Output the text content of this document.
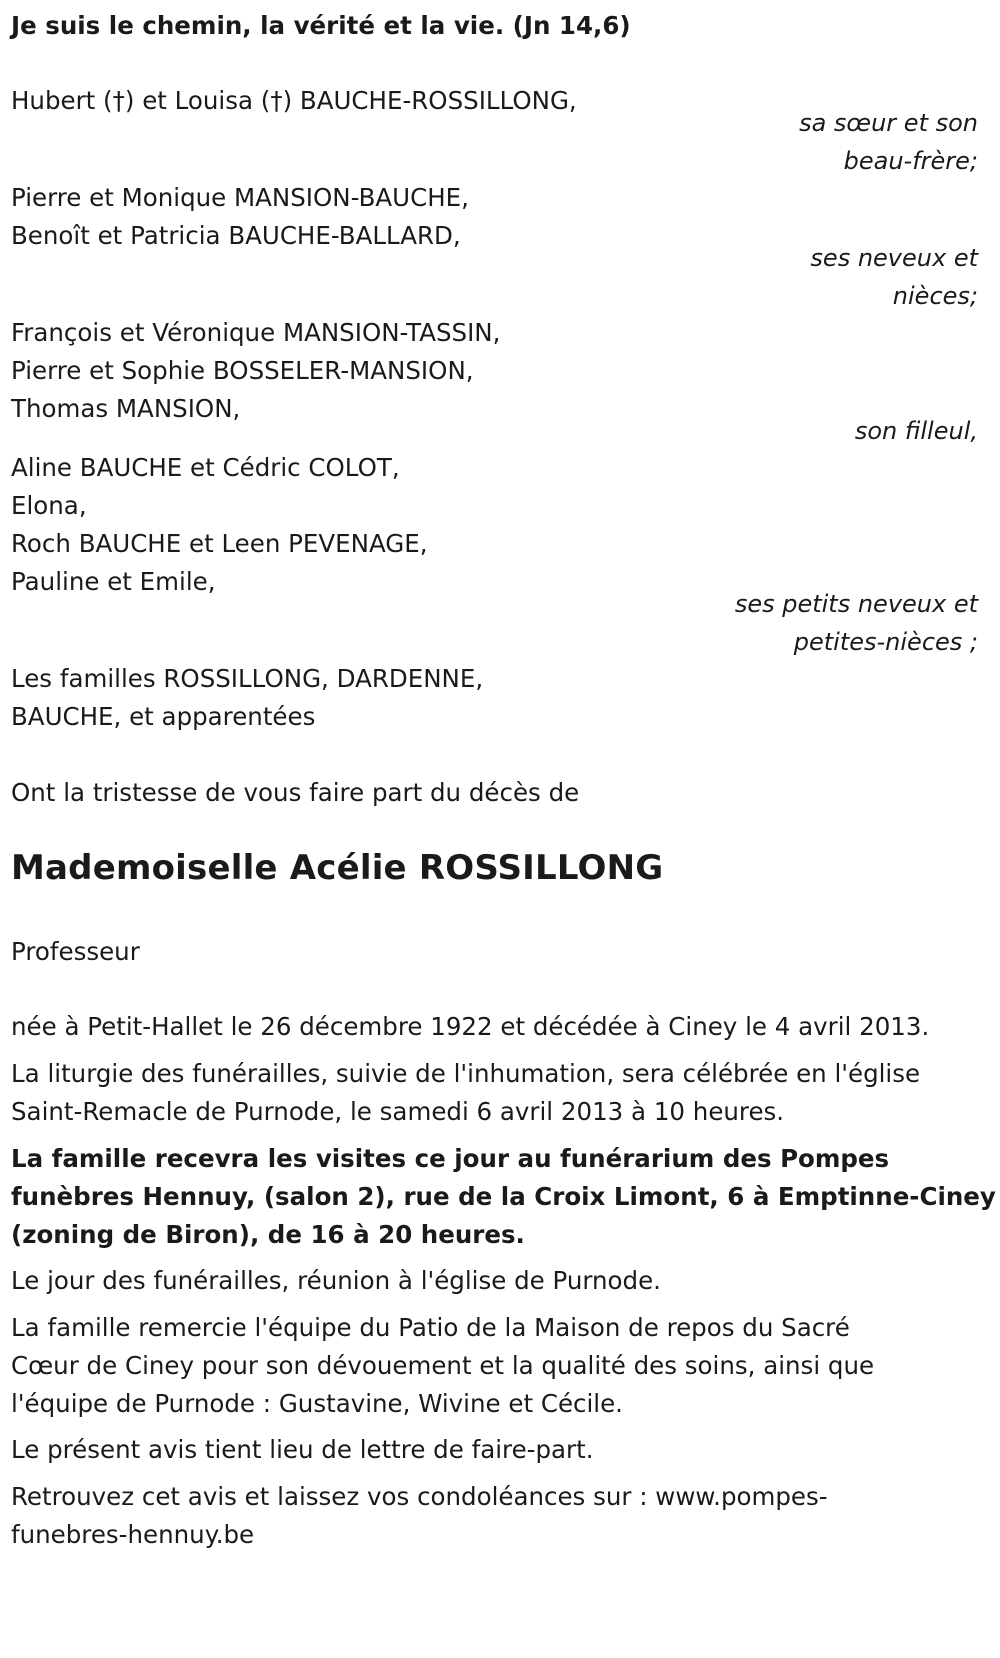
Je suis le chemin, la vérité et la vie. (Jn 14,6)
Hubert (†) et Louisa (†) BAUCHE-ROSSILLONG,
sa sœur et son
beau-frère;
Pierre et Monique MANSION-BAUCHE,
Benoît et Patricia BAUCHE-BALLARD,
ses neveux et
nièces;
François et Véronique MANSION-TASSIN,
Pierre et Sophie BOSSELER-MANSION,
Thomas MANSION,
son filleul,
Aline BAUCHE et Cédric COLOT,
Elona,
Roch BAUCHE et Leen PEVENAGE,
Pauline et Emile,
ses petits neveux et
petites-nièces ;
Les familles ROSSILLONG, DARDENNE,
BAUCHE, et apparentées
Ont la tristesse de vous faire part du décès de
Mademoiselle Acélie ROSSILLONG
Professeur
née à Petit-Hallet le 26 décembre 1922 et décédée à Ciney le 4 avril 2013.
La liturgie des funérailles, suivie de l'inhumation, sera célébrée en l'église
Saint-Remacle de Purnode, le samedi 6 avril 2013 à 10 heures.
La famille recevra les visites ce jour au funérarium des Pompes
funèbres Hennuy, (salon 2), rue de la Croix Limont, 6 à Emptinne-Ciney
(zoning de Biron), de 16 à 20 heures.
Le jour des funérailles, réunion à l'église de Purnode.
La famille remercie l'équipe du Patio de la Maison de repos du Sacré
Cœur de Ciney pour son dévouement et la qualité des soins, ainsi que
l'équipe de Purnode : Gustavine, Wivine et Cécile.
Le présent avis tient lieu de lettre de faire-part.
Retrouvez cet avis et laissez vos condoléances sur : www.pompes-
funebres-hennuy.be
